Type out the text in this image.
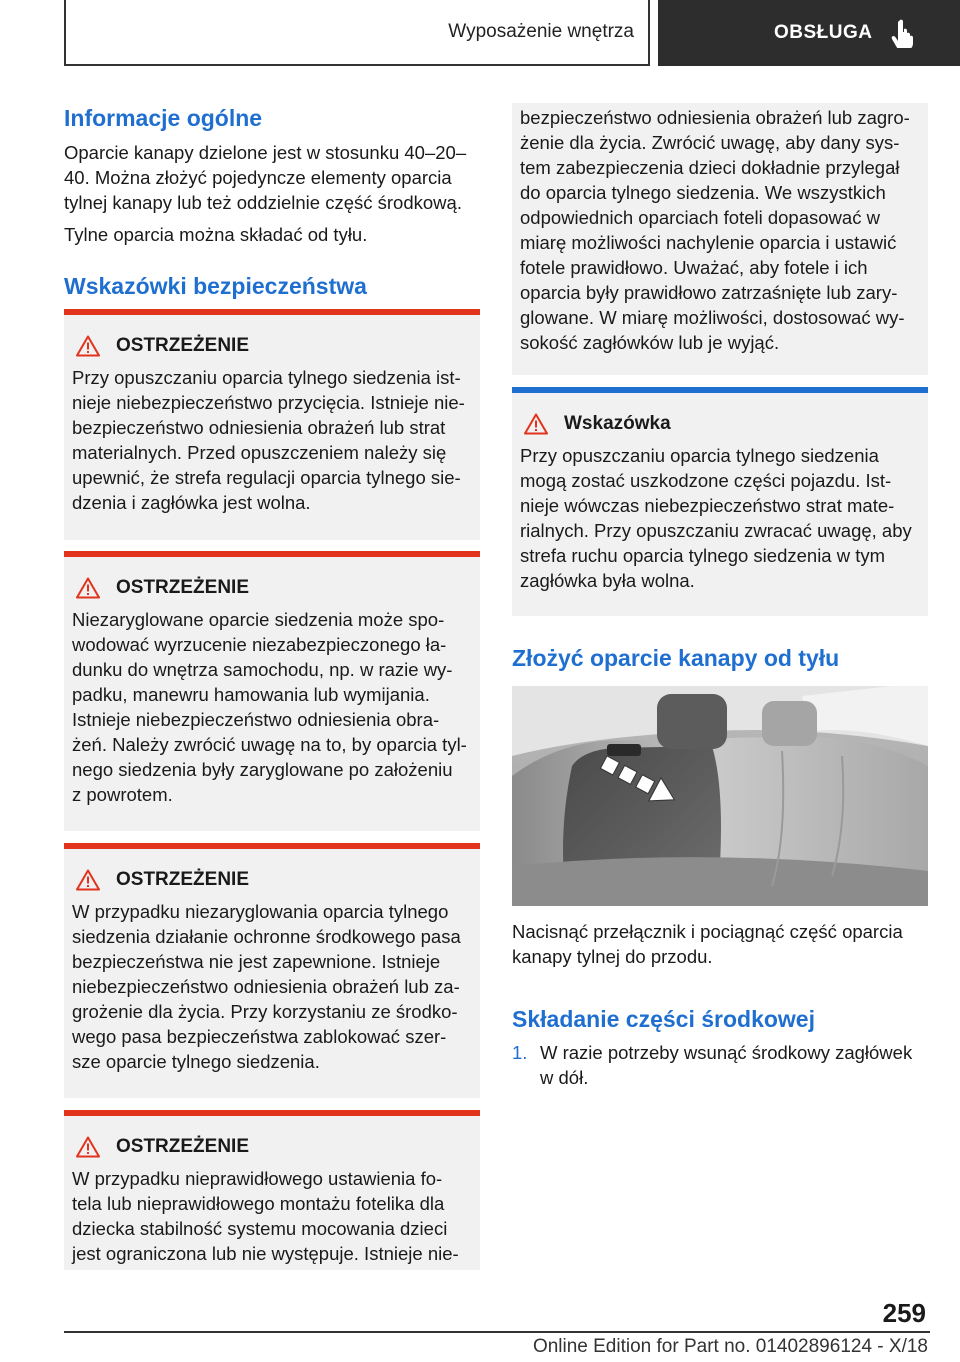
Wyposażenie wnętrza	OBSŁUGA
Informacje ogólne
Oparcie kanapy dzielone jest w stosunku 40–20–
40. Można złożyć pojedyncze elementy oparcia
tylnej kanapy lub też oddzielnie część środkową.
Tylne oparcia można składać od tyłu.
Wskazówki bezpieczeństwa
OSTRZEŻENIE
Przy opuszczaniu oparcia tylnego siedzenia ist-
nieje niebezpieczeństwo przycięcia. Istnieje nie-
bezpieczeństwo odniesienia obrażeń lub strat
materialnych. Przed opuszczeniem należy się
upewnić, że strefa regulacji oparcia tylnego sie-
dzenia i zagłówka jest wolna.
OSTRZEŻENIE
Niezaryglowane oparcie siedzenia może spo-
wodować wyrzucenie niezabezpieczonego ła-
dunku do wnętrza samochodu, np. w razie wy-
padku, manewru hamowania lub wymijania.
Istnieje niebezpieczeństwo odniesienia obra-
żeń. Należy zwrócić uwagę na to, by oparcia tyl-
nego siedzenia były zaryglowane po założeniu
z powrotem.
OSTRZEŻENIE
W przypadku niezaryglowania oparcia tylnego
siedzenia działanie ochronne środkowego pasa
bezpieczeństwa nie jest zapewnione. Istnieje
niebezpieczeństwo odniesienia obrażeń lub za-
grożenie dla życia. Przy korzystaniu ze środko-
wego pasa bezpieczeństwa zablokować szer-
sze oparcie tylnego siedzenia.
OSTRZEŻENIE
W przypadku nieprawidłowego ustawienia fo-
tela lub nieprawidłowego montażu fotelika dla
dziecka stabilność systemu mocowania dzieci
jest ograniczona lub nie występuje. Istnieje nie-
bezpieczeństwo odniesienia obrażeń lub zagro-
żenie dla życia. Zwrócić uwagę, aby dany sys-
tem zabezpieczenia dzieci dokładnie przylegał
do oparcia tylnego siedzenia. We wszystkich
odpowiednich oparciach foteli dopasować w
miarę możliwości nachylenie oparcia i ustawić
fotele prawidłowo. Uważać, aby fotele i ich
oparcia były prawidłowo zatrzaśnięte lub zary-
glowane. W miarę możliwości, dostosować wy-
sokość zagłówków lub je wyjąć.
Wskazówka
Przy opuszczaniu oparcia tylnego siedzenia
mogą zostać uszkodzone części pojazdu. Ist-
nieje wówczas niebezpieczeństwo strat mate-
rialnych. Przy opuszczaniu zwracać uwagę, aby
strefa ruchu oparcia tylnego siedzenia w tym
zagłówka była wolna.
Złożyć oparcie kanapy od tyłu
Nacisnąć przełącznik i pociągnąć część oparcia
kanapy tylnej do przodu.
Składanie części środkowej
1. W razie potrzeby wsunąć środkowy zagłówek
w dół.
259
Online Edition for Part no. 01402896124 - X/18
